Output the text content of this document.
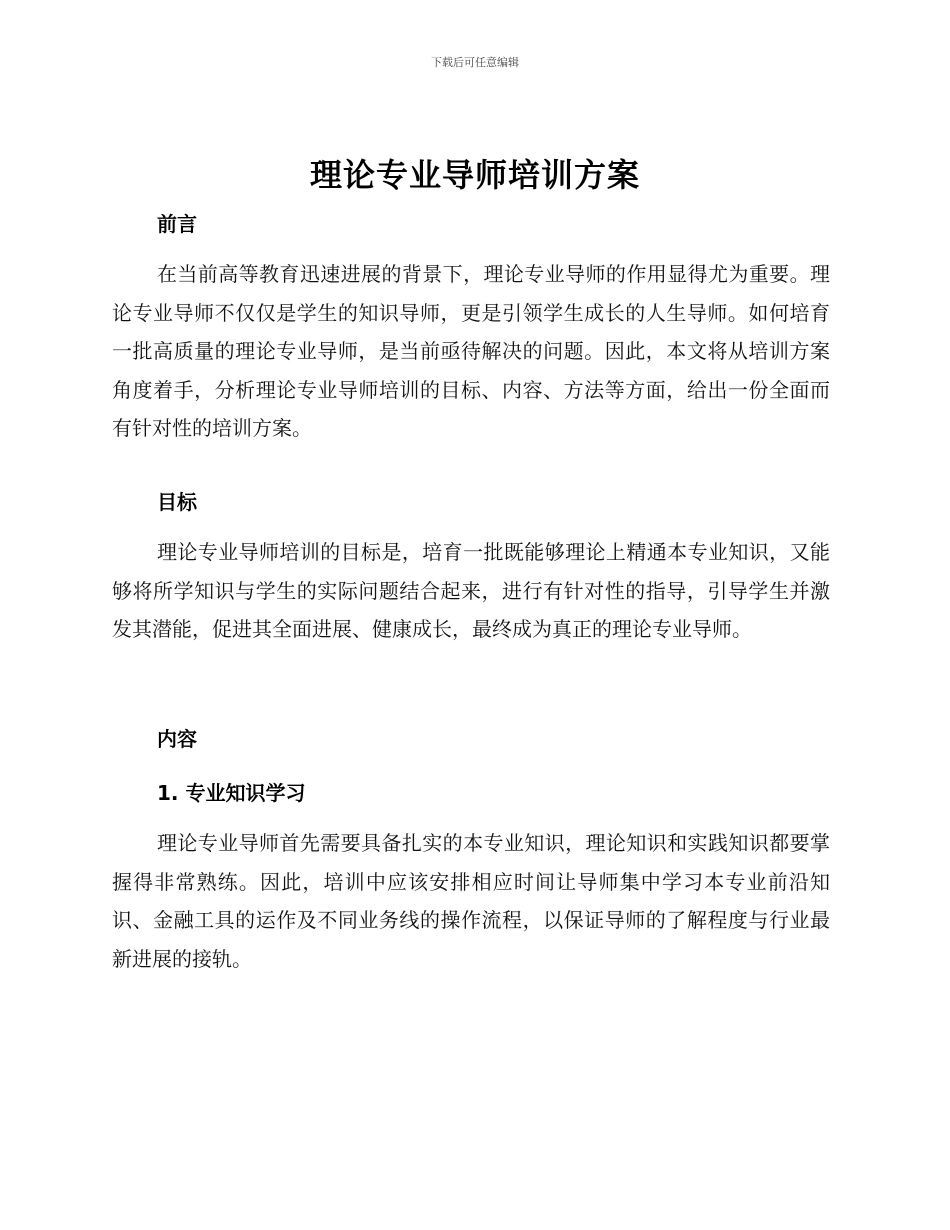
下载后可任意编辑
理论专业导师培训方案
前言

在当前高等教育迅速进展的背景下，理论专业导师的作用显得尤为重要。理论专业导师不仅仅是学生的知识导师，更是引领学生成长的人生导师。如何培育一批高质量的理论专业导师，是当前亟待解决的问题。因此，本文将从培训方案角度着手，分析理论专业导师培训的目标、内容、方法等方面，给出一份全面而有针对性的培训方案。

目标

理论专业导师培训的目标是，培育一批既能够理论上精通本专业知识，又能够将所学知识与学生的实际问题结合起来，进行有针对性的指导，引导学生并激发其潜能，促进其全面进展、健康成长，最终成为真正的理论专业导师。

内容
1. 专业知识学习

理论专业导师首先需要具备扎实的本专业知识，理论知识和实践知识都要掌握得非常熟练。因此，培训中应该安排相应时间让导师集中学习本专业前沿知识、金融工具的运作及不同业务线的操作流程，以保证导师的了解程度与行业最新进展的接轨。
